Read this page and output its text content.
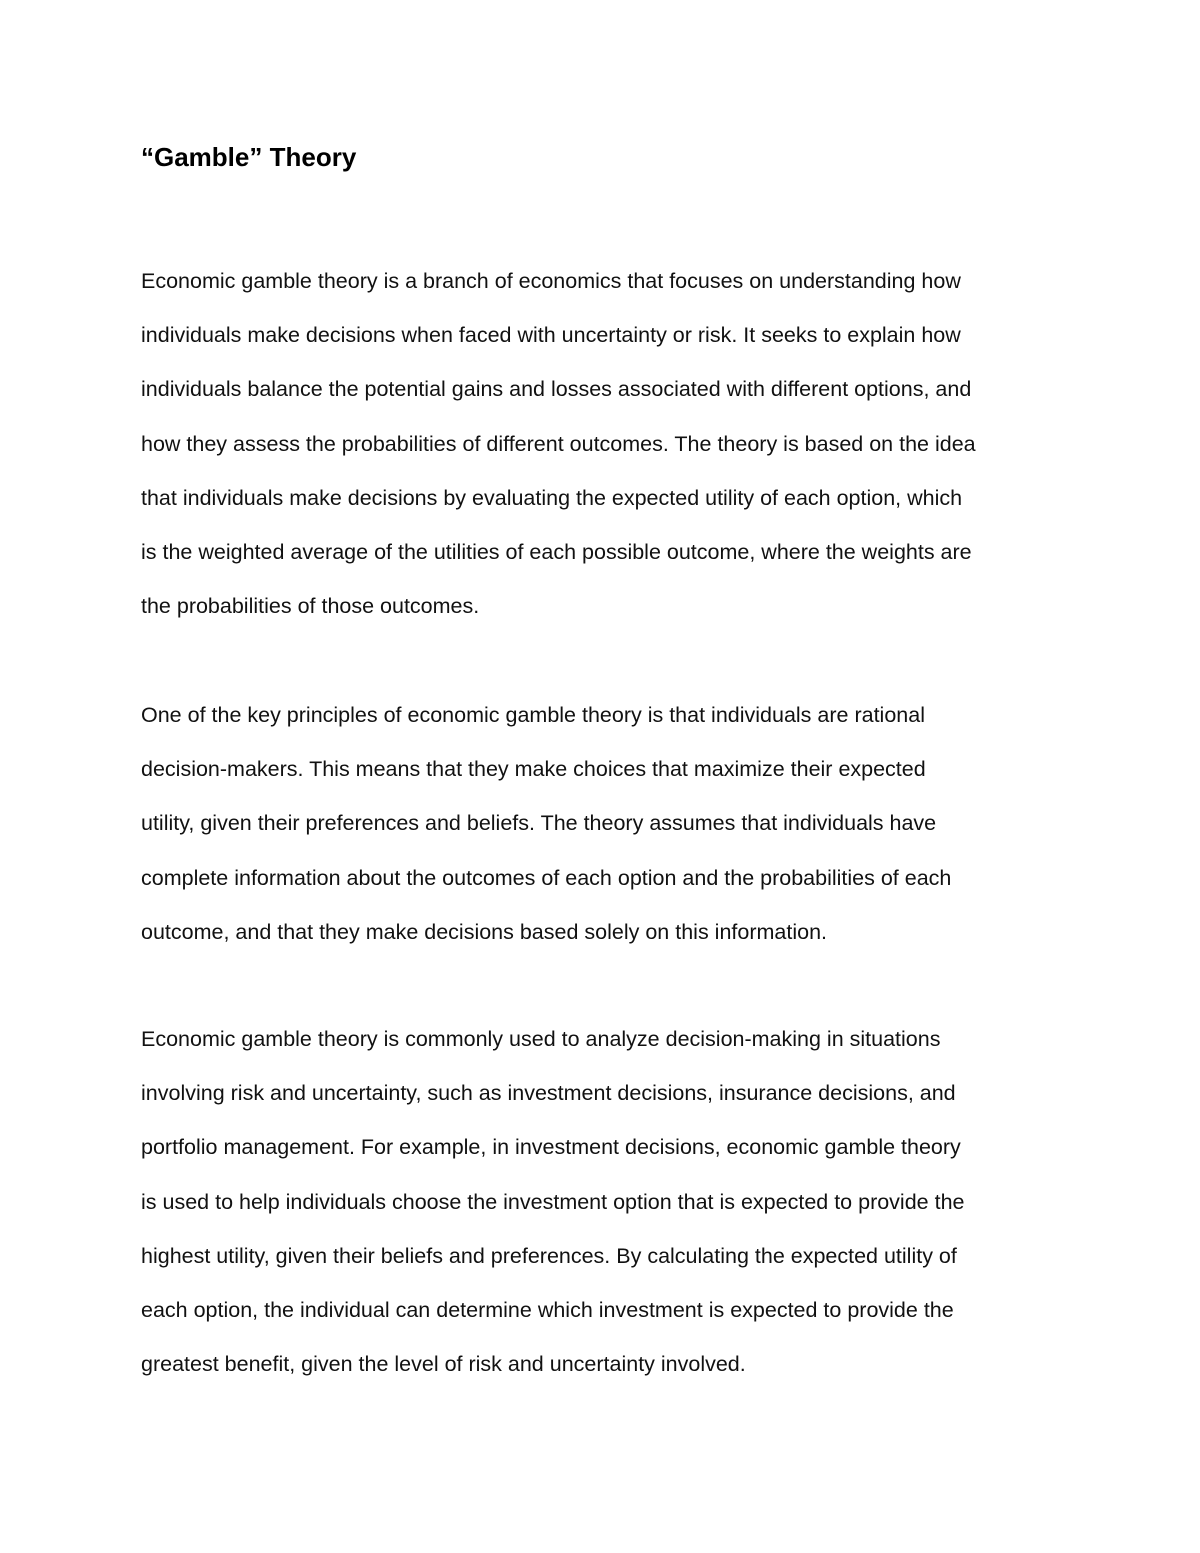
“Gamble” Theory

Economic gamble theory is a branch of economics that focuses on understanding how
individuals make decisions when faced with uncertainty or risk. It seeks to explain how
individuals balance the potential gains and losses associated with different options, and
how they assess the probabilities of different outcomes. The theory is based on the idea
that individuals make decisions by evaluating the expected utility of each option, which
is the weighted average of the utilities of each possible outcome, where the weights are
the probabilities of those outcomes.

One of the key principles of economic gamble theory is that individuals are rational
decision-makers. This means that they make choices that maximize their expected
utility, given their preferences and beliefs. The theory assumes that individuals have
complete information about the outcomes of each option and the probabilities of each
outcome, and that they make decisions based solely on this information.

Economic gamble theory is commonly used to analyze decision-making in situations
involving risk and uncertainty, such as investment decisions, insurance decisions, and
portfolio management. For example, in investment decisions, economic gamble theory
is used to help individuals choose the investment option that is expected to provide the
highest utility, given their beliefs and preferences. By calculating the expected utility of
each option, the individual can determine which investment is expected to provide the
greatest benefit, given the level of risk and uncertainty involved.
